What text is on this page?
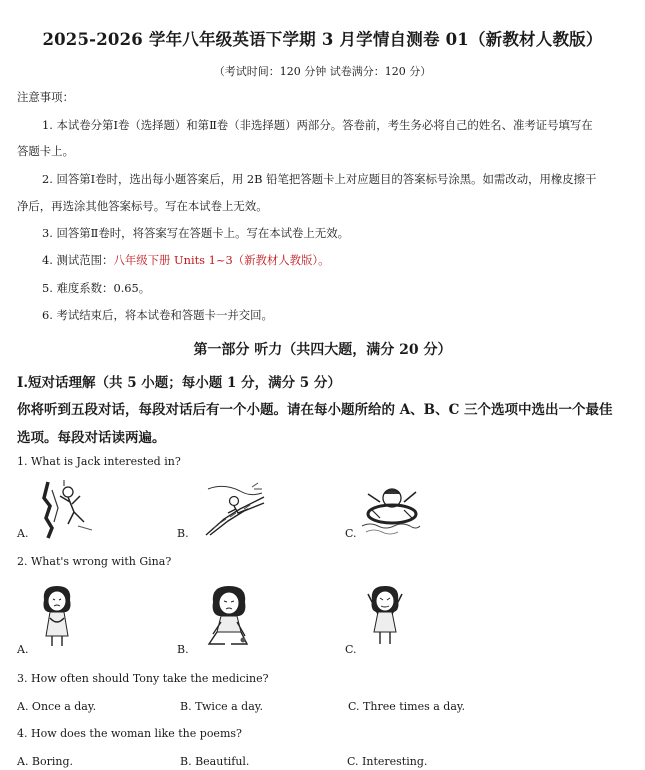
2025-2026 学年八年级英语下学期 3 月学情自测卷 01（新教材人教版）
（考试时间：120 分钟 试卷满分：120 分）
注意事项：
1. 本试卷分第Ⅰ卷（选择题）和第Ⅱ卷（非选择题）两部分。答卷前，考生务必将自己的姓名、准考证号填写在
答题卡上。
2. 回答第Ⅰ卷时，选出每小题答案后，用 2B 铅笔把答题卡上对应题目的答案标号涂黑。如需改动，用橡皮擦干
净后，再选涂其他答案标号。写在本试卷上无效。
3. 回答第Ⅱ卷时，将答案写在答题卡上。写在本试卷上无效。
4. 测试范围：八年级下册 Units 1~3（新教材人教版）。
5. 难度系数：0.65。
6. 考试结束后，将本试卷和答题卡一并交回。
第一部分 听力（共四大题，满分 20 分）
Ⅰ.短对话理解（共 5 小题；每小题 1 分，满分 5 分）
你将听到五段对话，每段对话后有一个小题。请在每小题所给的 A、B、C 三个选项中选出一个最佳
选项。每段对话读两遍。
1. What is Jack interested in?
A.	B.	C.
2. What's wrong with Gina?
A.	B.	C.
3. How often should Tony take the medicine?
A. Once a day.	B. Twice a day.	C. Three times a day.
4. How does the woman like the poems?
A. Boring.	B. Beautiful.	C. Interesting.
